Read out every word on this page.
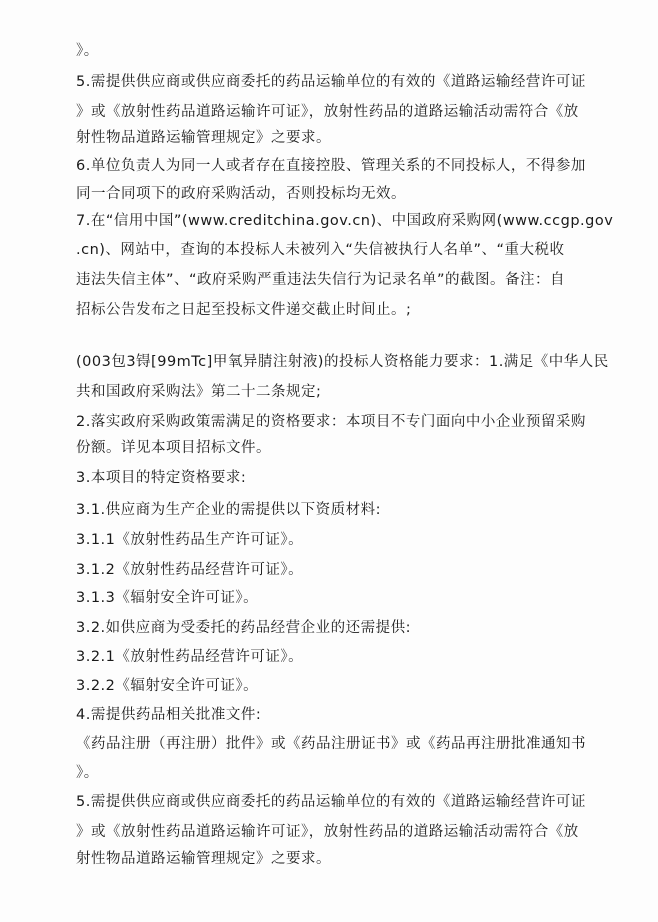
》。
5.需提供供应商或供应商委托的药品运输单位的有效的《道路运输经营许可证
》或《放射性药品道路运输许可证》，放射性药品的道路运输活动需符合《放
射性物品道路运输管理规定》之要求。
6.单位负责人为同一人或者存在直接控股、管理关系的不同投标人，不得参加
同一合同项下的政府采购活动，否则投标均无效。
7.在“信用中国”(www.creditchina.gov.cn)、中国政府采购网(www.ccgp.gov
.cn)、网站中，查询的本投标人未被列入“失信被执行人名单”、“重大税收
违法失信主体”、“政府采购严重违法失信行为记录名单”的截图。备注：自
招标公告发布之日起至投标文件递交截止时间止。;
(003包3锝[99mTc]甲氧异腈注射液)的投标人资格能力要求：1.满足《中华人民
共和国政府采购法》第二十二条规定;
2.落实政府采购政策需满足的资格要求：本项目不专门面向中小企业预留采购
份额。详见本项目招标文件。
3.本项目的特定资格要求:
3.1.供应商为生产企业的需提供以下资质材料:
3.1.1《放射性药品生产许可证》。
3.1.2《放射性药品经营许可证》。
3.1.3《辐射安全许可证》。
3.2.如供应商为受委托的药品经营企业的还需提供:
3.2.1《放射性药品经营许可证》。
3.2.2《辐射安全许可证》。
4.需提供药品相关批准文件:
《药品注册（再注册）批件》或《药品注册证书》或《药品再注册批准通知书
》。
5.需提供供应商或供应商委托的药品运输单位的有效的《道路运输经营许可证
》或《放射性药品道路运输许可证》，放射性药品的道路运输活动需符合《放
射性物品道路运输管理规定》之要求。
